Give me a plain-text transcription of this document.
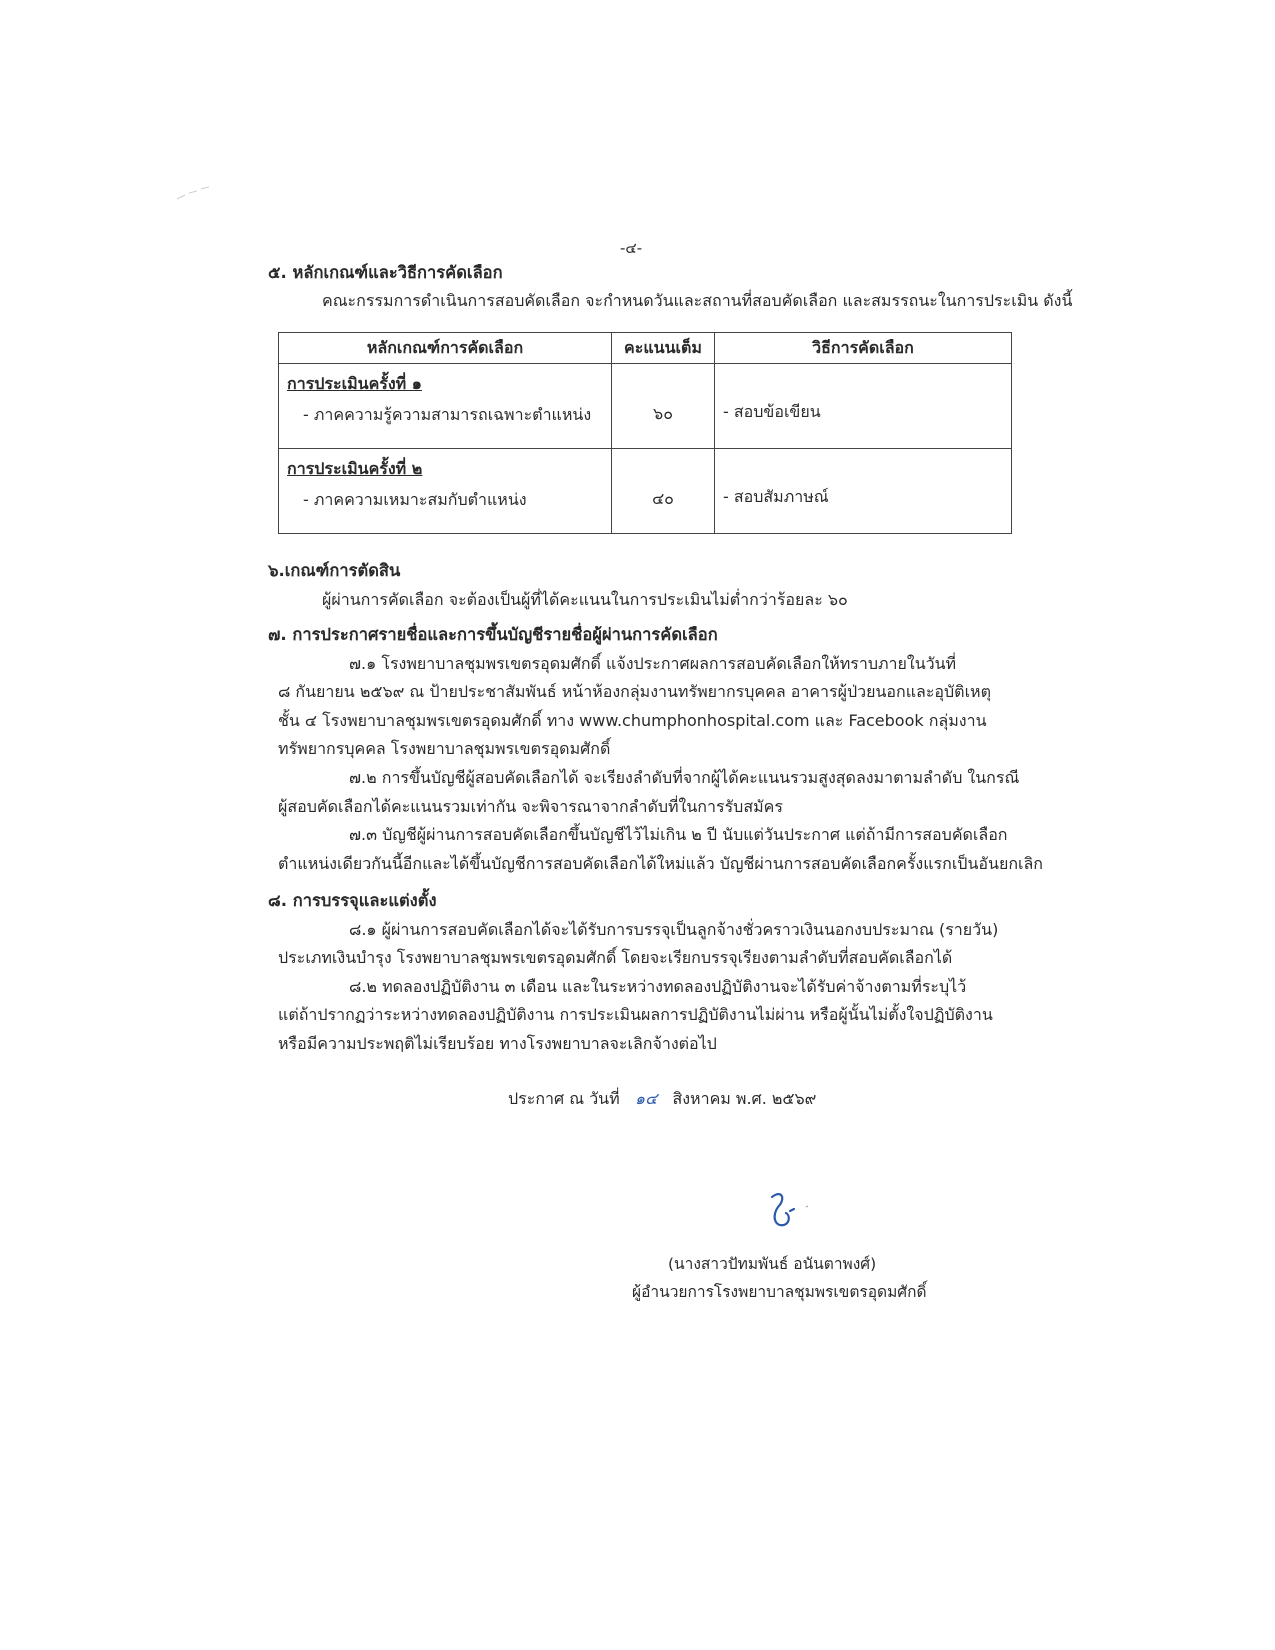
-๔-
๕. หลักเกณฑ์และวิธีการคัดเลือก
คณะกรรมการดำเนินการสอบคัดเลือก จะกำหนดวันและสถานที่สอบคัดเลือก และสมรรถนะในการประเมิน ดังนี้
หลักเกณฑ์การคัดเลือก	คะแนนเต็ม	วิธีการคัดเลือก

การประเมินครั้งที่ ๑
- ภาคความรู้ความสามารถเฉพาะตำแหน่ง	๖๐	- สอบข้อเขียน

การประเมินครั้งที่ ๒
- ภาคความเหมาะสมกับตำแหน่ง	๔๐	- สอบสัมภาษณ์
๖.เกณฑ์การตัดสิน
ผู้ผ่านการคัดเลือก จะต้องเป็นผู้ที่ได้คะแนนในการประเมินไม่ต่ำกว่าร้อยละ ๖๐
๗. การประกาศรายชื่อและการขึ้นบัญชีรายชื่อผู้ผ่านการคัดเลือก
๗.๑ โรงพยาบาลชุมพรเขตรอุดมศักดิ์ แจ้งประกาศผลการสอบคัดเลือกให้ทราบภายในวันที่
๘ กันยายน ๒๕๖๙ ณ ป้ายประชาสัมพันธ์ หน้าห้องกลุ่มงานทรัพยากรบุคคล อาคารผู้ป่วยนอกและอุบัติเหตุ
ชั้น ๔ โรงพยาบาลชุมพรเขตรอุดมศักดิ์ ทาง www.chumphonhospital.com และ Facebook กลุ่มงาน
ทรัพยากรบุคคล โรงพยาบาลชุมพรเขตรอุดมศักดิ์
๗.๒ การขึ้นบัญชีผู้สอบคัดเลือกได้ จะเรียงลำดับที่จากผู้ได้คะแนนรวมสูงสุดลงมาตามลำดับ ในกรณี
ผู้สอบคัดเลือกได้คะแนนรวมเท่ากัน จะพิจารณาจากลำดับที่ในการรับสมัคร
๗.๓ บัญชีผู้ผ่านการสอบคัดเลือกขึ้นบัญชีไว้ไม่เกิน ๒ ปี นับแต่วันประกาศ แต่ถ้ามีการสอบคัดเลือก
ตำแหน่งเดียวกันนี้อีกและได้ขึ้นบัญชีการสอบคัดเลือกได้ใหม่แล้ว บัญชีผ่านการสอบคัดเลือกครั้งแรกเป็นอันยกเลิก
๘. การบรรจุและแต่งตั้ง
๘.๑ ผู้ผ่านการสอบคัดเลือกได้จะได้รับการบรรจุเป็นลูกจ้างชั่วคราวเงินนอกงบประมาณ (รายวัน)
ประเภทเงินบำรุง โรงพยาบาลชุมพรเขตรอุดมศักดิ์ โดยจะเรียกบรรจุเรียงตามลำดับที่สอบคัดเลือกได้
๘.๒ ทดลองปฏิบัติงาน ๓ เดือน และในระหว่างทดลองปฏิบัติงานจะได้รับค่าจ้างตามที่ระบุไว้
แต่ถ้าปรากฏว่าระหว่างทดลองปฏิบัติงาน การประเมินผลการปฏิบัติงานไม่ผ่าน หรือผู้นั้นไม่ตั้งใจปฏิบัติงาน
หรือมีความประพฤติไม่เรียบร้อย ทางโรงพยาบาลจะเลิกจ้างต่อไป
ประกาศ ณ วันที่ ๑๔ สิงหาคม พ.ศ. ๒๕๖๙
(นางสาวปัทมพันธ์ อนันตาพงศ์)
ผู้อำนวยการโรงพยาบาลชุมพรเขตรอุดมศักดิ์
